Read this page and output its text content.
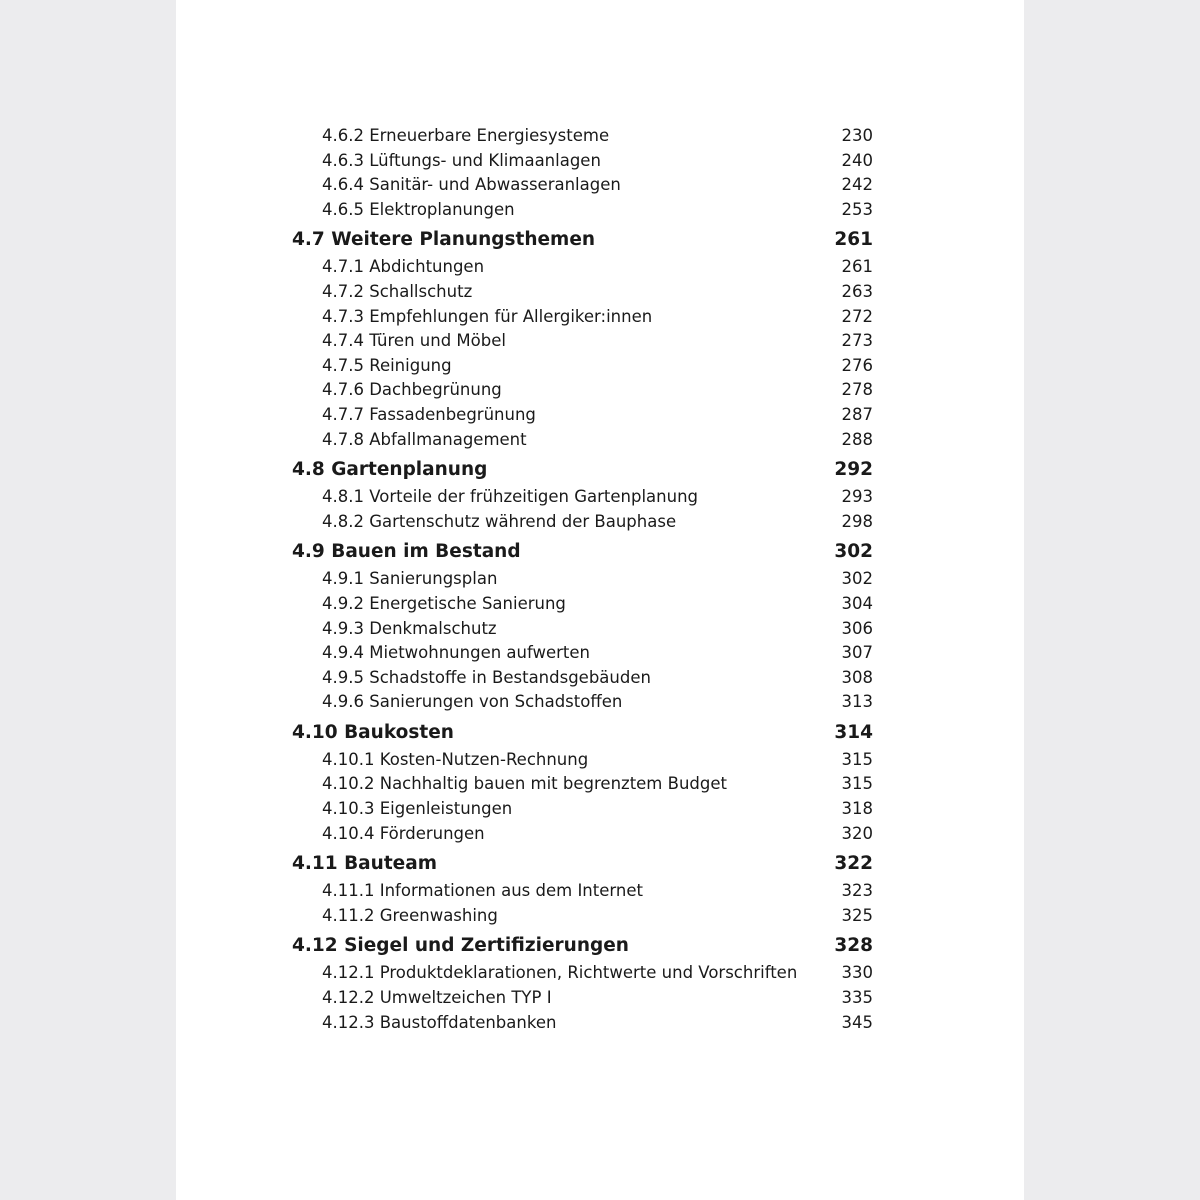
4.6.2 Erneuerbare Energiesysteme	230
4.6.3 Lüftungs- und Klimaanlagen	240
4.6.4 Sanitär- und Abwasseranlagen	242
4.6.5 Elektroplanungen	253
4.7 Weitere Planungsthemen	261
4.7.1 Abdichtungen	261
4.7.2 Schallschutz	263
4.7.3 Empfehlungen für Allergiker:innen	272
4.7.4 Türen und Möbel	273
4.7.5 Reinigung	276
4.7.6 Dachbegrünung	278
4.7.7 Fassadenbegrünung	287
4.7.8 Abfallmanagement	288
4.8 Gartenplanung	292
4.8.1 Vorteile der frühzeitigen Gartenplanung	293
4.8.2 Gartenschutz während der Bauphase	298
4.9 Bauen im Bestand	302
4.9.1 Sanierungsplan	302
4.9.2 Energetische Sanierung	304
4.9.3 Denkmalschutz	306
4.9.4 Mietwohnungen aufwerten	307
4.9.5 Schadstoffe in Bestandsgebäuden	308
4.9.6 Sanierungen von Schadstoffen	313
4.10 Baukosten	314
4.10.1 Kosten-Nutzen-Rechnung	315
4.10.2 Nachhaltig bauen mit begrenztem Budget	315
4.10.3 Eigenleistungen	318
4.10.4 Förderungen	320
4.11 Bauteam	322
4.11.1 Informationen aus dem Internet	323
4.11.2 Greenwashing	325
4.12 Siegel und Zertifizierungen	328
4.12.1 Produktdeklarationen, Richtwerte und Vorschriften	330
4.12.2 Umweltzeichen TYP I	335
4.12.3 Baustoffdatenbanken	345
